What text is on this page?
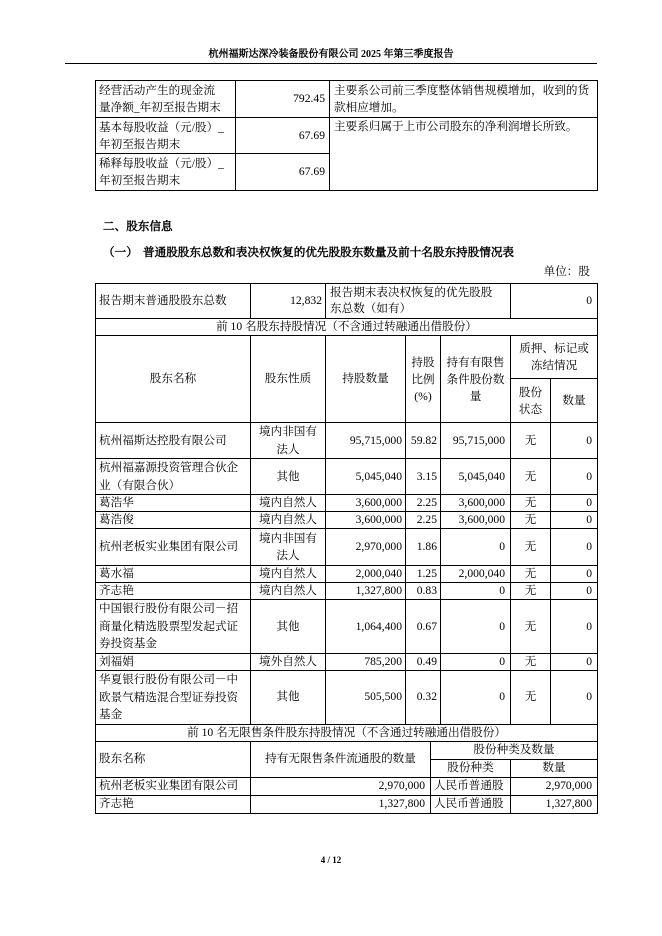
杭州福斯达深冷装备股份有限公司 2025 年第三季度报告
经营活动产生的现金流量净额_年初至报告期末	792.45	主要系公司前三季度整体销售规模增加，收到的货款相应增加。
基本每股收益（元/股）_年初至报告期末	67.69	主要系归属于上市公司股东的净利润增长所致。
稀释每股收益（元/股）_年初至报告期末	67.69	
二、股东信息
（一） 普通股股东总数和表决权恢复的优先股股东数量及前十名股东持股情况表
单位：股
报告期末普通股股东总数	12,832	报告期末表决权恢复的优先股股东总数（如有）			0	
前 10 名股东持股情况（不含通过转融通出借股份）						
股东名称	股东性质	持股数量	持股比例(%)	持有有限售条件股份数量	质押、标记或冻结情况	
					股份状态	数量
杭州福斯达控股有限公司	境内非国有法人	95,715,000	59.82	95,715,000	无	0
杭州福嘉源投资管理合伙企业（有限合伙）	其他	5,045,040	3.15	5,045,040	无	0
葛浩华	境内自然人	3,600,000	2.25	3,600,000	无	0
葛浩俊	境内自然人	3,600,000	2.25	3,600,000	无	0
杭州老板实业集团有限公司	境内非国有法人	2,970,000	1.86	0	无	0
葛水福	境内自然人	2,000,040	1.25	2,000,040	无	0
齐志艳	境内自然人	1,327,800	0.83	0	无	0
中国银行股份有限公司－招商量化精选股票型发起式证券投资基金	其他	1,064,400	0.67	0	无	0
刘福娟	境外自然人	785,200	0.49	0	无	0
华夏银行股份有限公司－中欧景气精选混合型证券投资基金	其他	505,500	0.32	0	无	0
前 10 名无限售条件股东持股情况（不含通过转融通出借股份）						
股东名称	持有无限售条件流通股的数量	股份种类及数量	
		股份种类	数量
杭州老板实业集团有限公司	2,970,000	人民币普通股	2,970,000
齐志艳	1,327,800	人民币普通股	1,327,800
4 / 12
